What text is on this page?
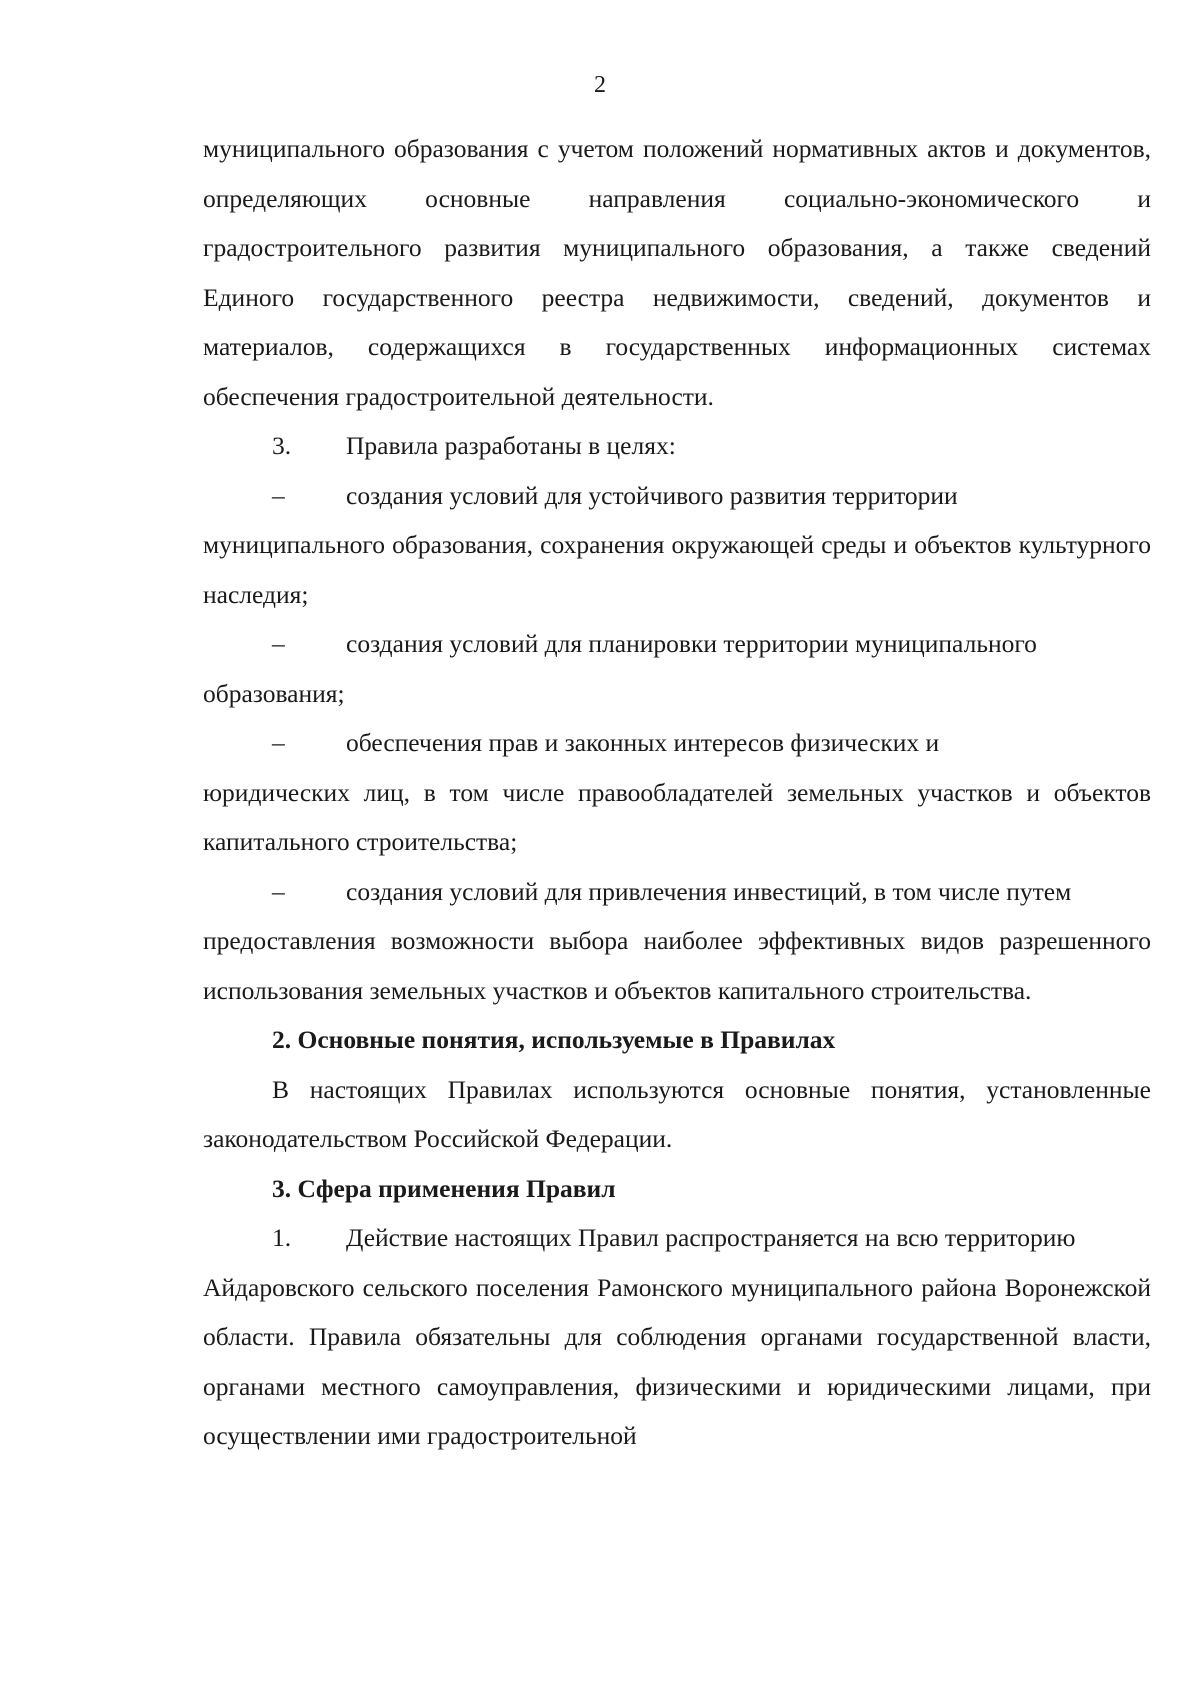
2

муниципального образования с учетом положений нормативных актов и документов, определяющих основные направления социально-экономического и градостроительного развития муниципального образования, а также сведений Единого государственного реестра недвижимости, сведений, документов и материалов, содержащихся в государственных информационных системах обеспечения градостроительной деятельности.

3.	Правила разработаны в целях:
–	создания условий для устойчивого развития территории

муниципального образования, сохранения окружающей среды и объектов культурного наследия;

–	создания условий для планировки территории муниципального

образования;

–	обеспечения прав и законных интересов физических и

юридических лиц, в том числе правообладателей земельных участков и объектов капитального строительства;

–	создания условий для привлечения инвестиций, в том числе путем

предоставления возможности выбора наиболее эффективных видов разрешенного использования земельных участков и объектов капитального строительства.

2. Основные понятия, используемые в Правилах

В настоящих Правилах используются основные понятия, установленные законодательством Российской Федерации.

3. Сфера применения Правил
1.	Действие настоящих Правил распространяется на всю территорию

Айдаровского сельского поселения Рамонского муниципального района Воронежской области. Правила обязательны для соблюдения органами государственной власти, органами местного самоуправления, физическими и юридическими лицами, при осуществлении ими градостроительной
